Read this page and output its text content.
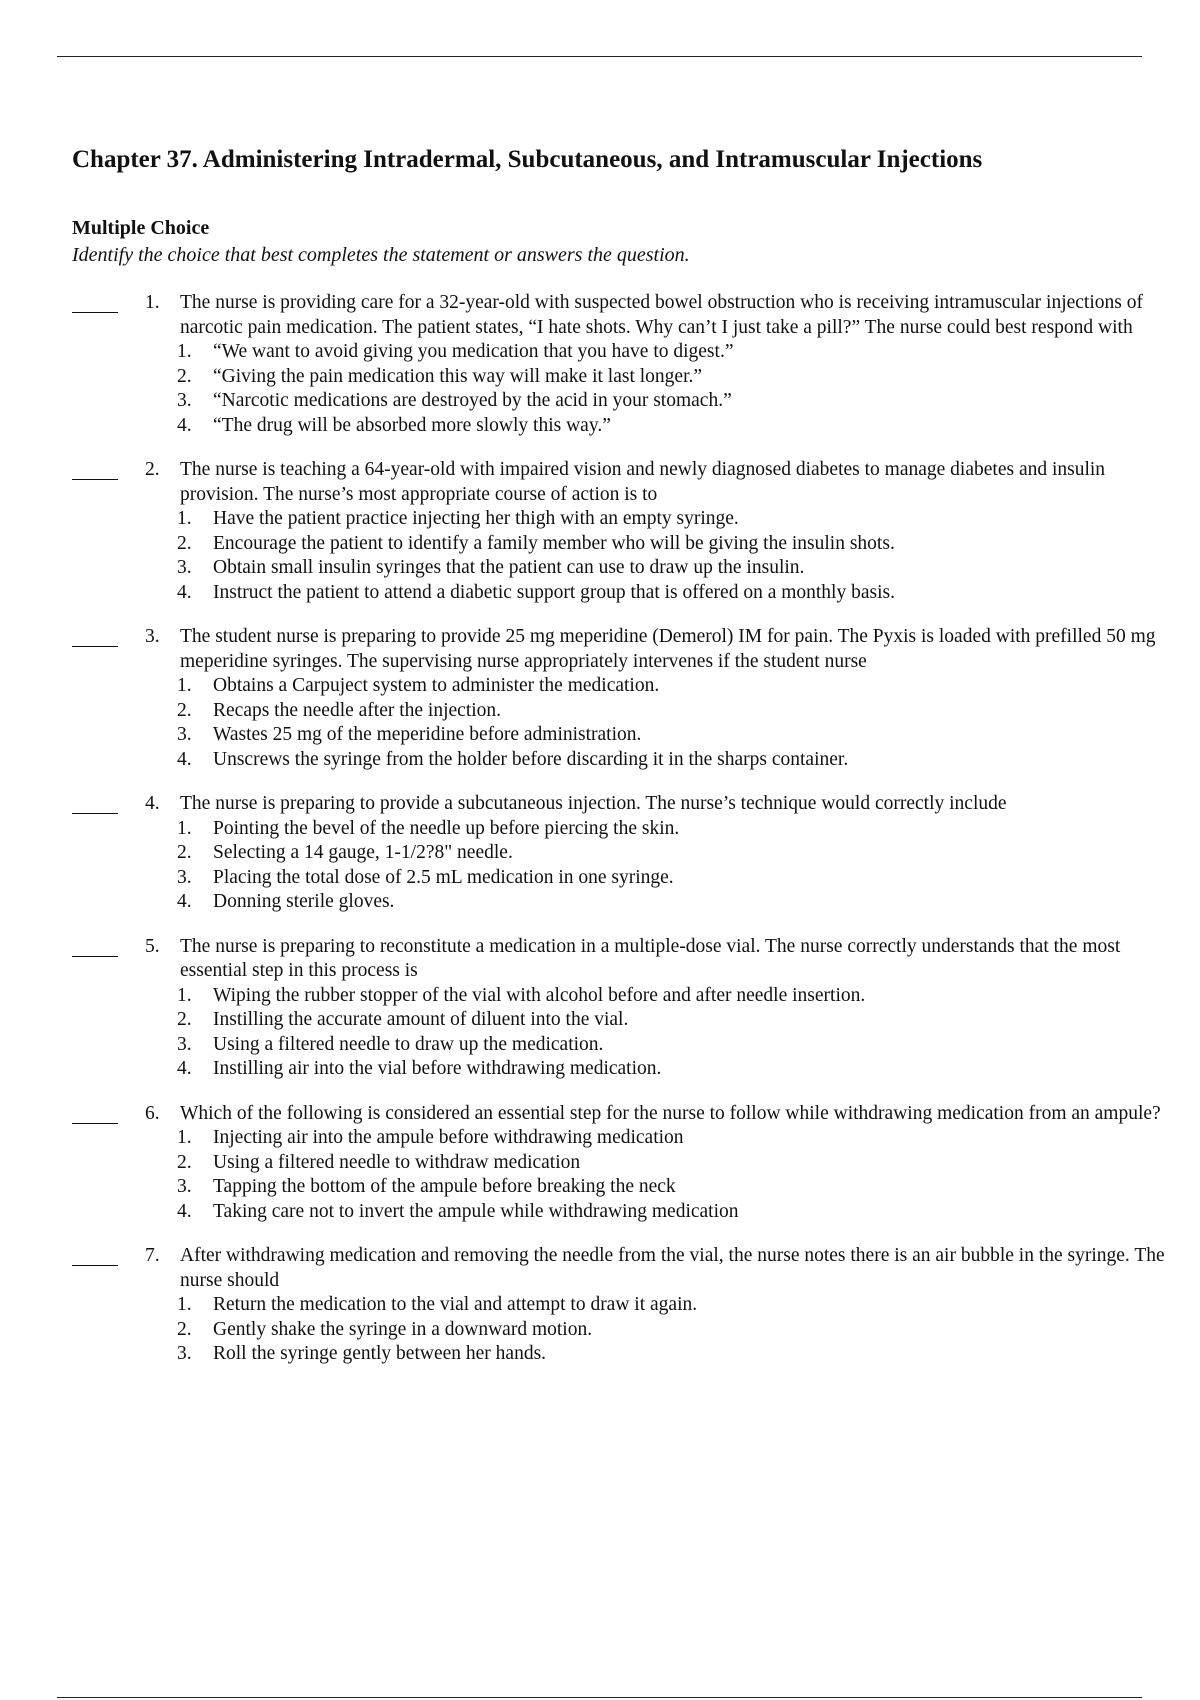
Chapter 37. Administering Intradermal, Subcutaneous, and Intramuscular Injections
Multiple Choice
Identify the choice that best completes the statement or answers the question.
1. The nurse is providing care for a 32-year-old with suspected bowel obstruction who is receiving intramuscular injections of narcotic pain medication. The patient states, “I hate shots. Why can’t I just take a pill?” The nurse could best respond with
1. “We want to avoid giving you medication that you have to digest.”
2. “Giving the pain medication this way will make it last longer.”
3. “Narcotic medications are destroyed by the acid in your stomach.”
4. “The drug will be absorbed more slowly this way.”
2. The nurse is teaching a 64-year-old with impaired vision and newly diagnosed diabetes to manage diabetes and insulin provision. The nurse’s most appropriate course of action is to
1. Have the patient practice injecting her thigh with an empty syringe.
2. Encourage the patient to identify a family member who will be giving the insulin shots.
3. Obtain small insulin syringes that the patient can use to draw up the insulin.
4. Instruct the patient to attend a diabetic support group that is offered on a monthly basis.
3. The student nurse is preparing to provide 25 mg meperidine (Demerol) IM for pain. The Pyxis is loaded with prefilled 50 mg meperidine syringes. The supervising nurse appropriately intervenes if the student nurse
1. Obtains a Carpuject system to administer the medication.
2. Recaps the needle after the injection.
3. Wastes 25 mg of the meperidine before administration.
4. Unscrews the syringe from the holder before discarding it in the sharps container.
4. The nurse is preparing to provide a subcutaneous injection. The nurse’s technique would correctly include
1. Pointing the bevel of the needle up before piercing the skin.
2. Selecting a 14 gauge, 1-1/2?8" needle.
3. Placing the total dose of 2.5 mL medication in one syringe.
4. Donning sterile gloves.
5. The nurse is preparing to reconstitute a medication in a multiple-dose vial. The nurse correctly understands that the most essential step in this process is
1. Wiping the rubber stopper of the vial with alcohol before and after needle insertion.
2. Instilling the accurate amount of diluent into the vial.
3. Using a filtered needle to draw up the medication.
4. Instilling air into the vial before withdrawing medication.
6. Which of the following is considered an essential step for the nurse to follow while withdrawing medication from an ampule?
1. Injecting air into the ampule before withdrawing medication
2. Using a filtered needle to withdraw medication
3. Tapping the bottom of the ampule before breaking the neck
4. Taking care not to invert the ampule while withdrawing medication
7. After withdrawing medication and removing the needle from the vial, the nurse notes there is an air bubble in the syringe. The nurse should
1. Return the medication to the vial and attempt to draw it again.
2. Gently shake the syringe in a downward motion.
3. Roll the syringe gently between her hands.
